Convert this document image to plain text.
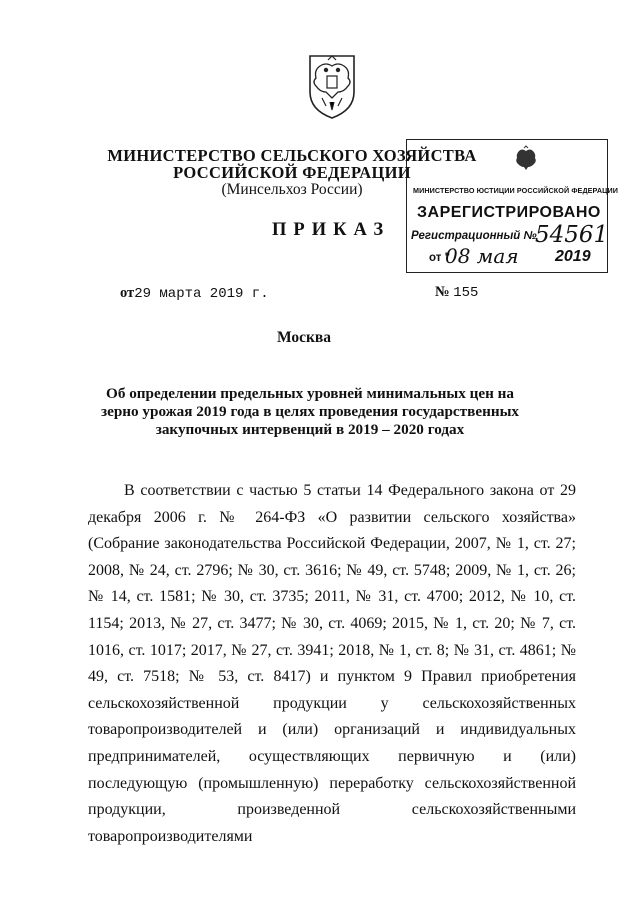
МИНИСТЕРСТВО СЕЛЬСКОГО ХОЗЯЙСТВА
РОССИЙСКОЙ ФЕДЕРАЦИИ
(Минсельхоз России)
ПРИКАЗ
МИНИСТЕРСТВО ЮСТИЦИИ РОССИЙСКОЙ ФЕДЕРАЦИИ
ЗАРЕГИСТРИРОВАНО
Регистрационный №
54561
от "
08 мая 2019
от29 марта 2019 г.	№ 155
Москва
Об определении предельных уровней минимальных цен на зерно урожая 2019 года в целях проведения государственных закупочных интервенций в 2019 – 2020 годах

В соответствии с частью 5 статьи 14 Федерального закона от 29 декабря 2006 г. № 264-ФЗ «О развитии сельского хозяйства» (Собрание законодательства Российской Федерации, 2007, № 1, ст. 27; 2008, № 24, ст. 2796; № 30, ст. 3616; № 49, ст. 5748; 2009, № 1, ст. 26; № 14, ст. 1581; № 30, ст. 3735; 2011, № 31, ст. 4700; 2012, № 10, ст. 1154; 2013, № 27, ст. 3477; № 30, ст. 4069; 2015, № 1, ст. 20; № 7, ст. 1016, ст. 1017; 2017, № 27, ст. 3941; 2018, № 1, ст. 8; № 31, ст. 4861; № 49, ст. 7518; № 53, ст. 8417) и пунктом 9 Правил приобретения сельскохозяйственной продукции у сельскохозяйственных товаропроизводителей и (или) организаций и индивидуальных предпринимателей, осуществляющих первичную и (или) последующую (промышленную) переработку сельскохозяйственной продукции, произведенной сельскохозяйственными товаропроизводителями
